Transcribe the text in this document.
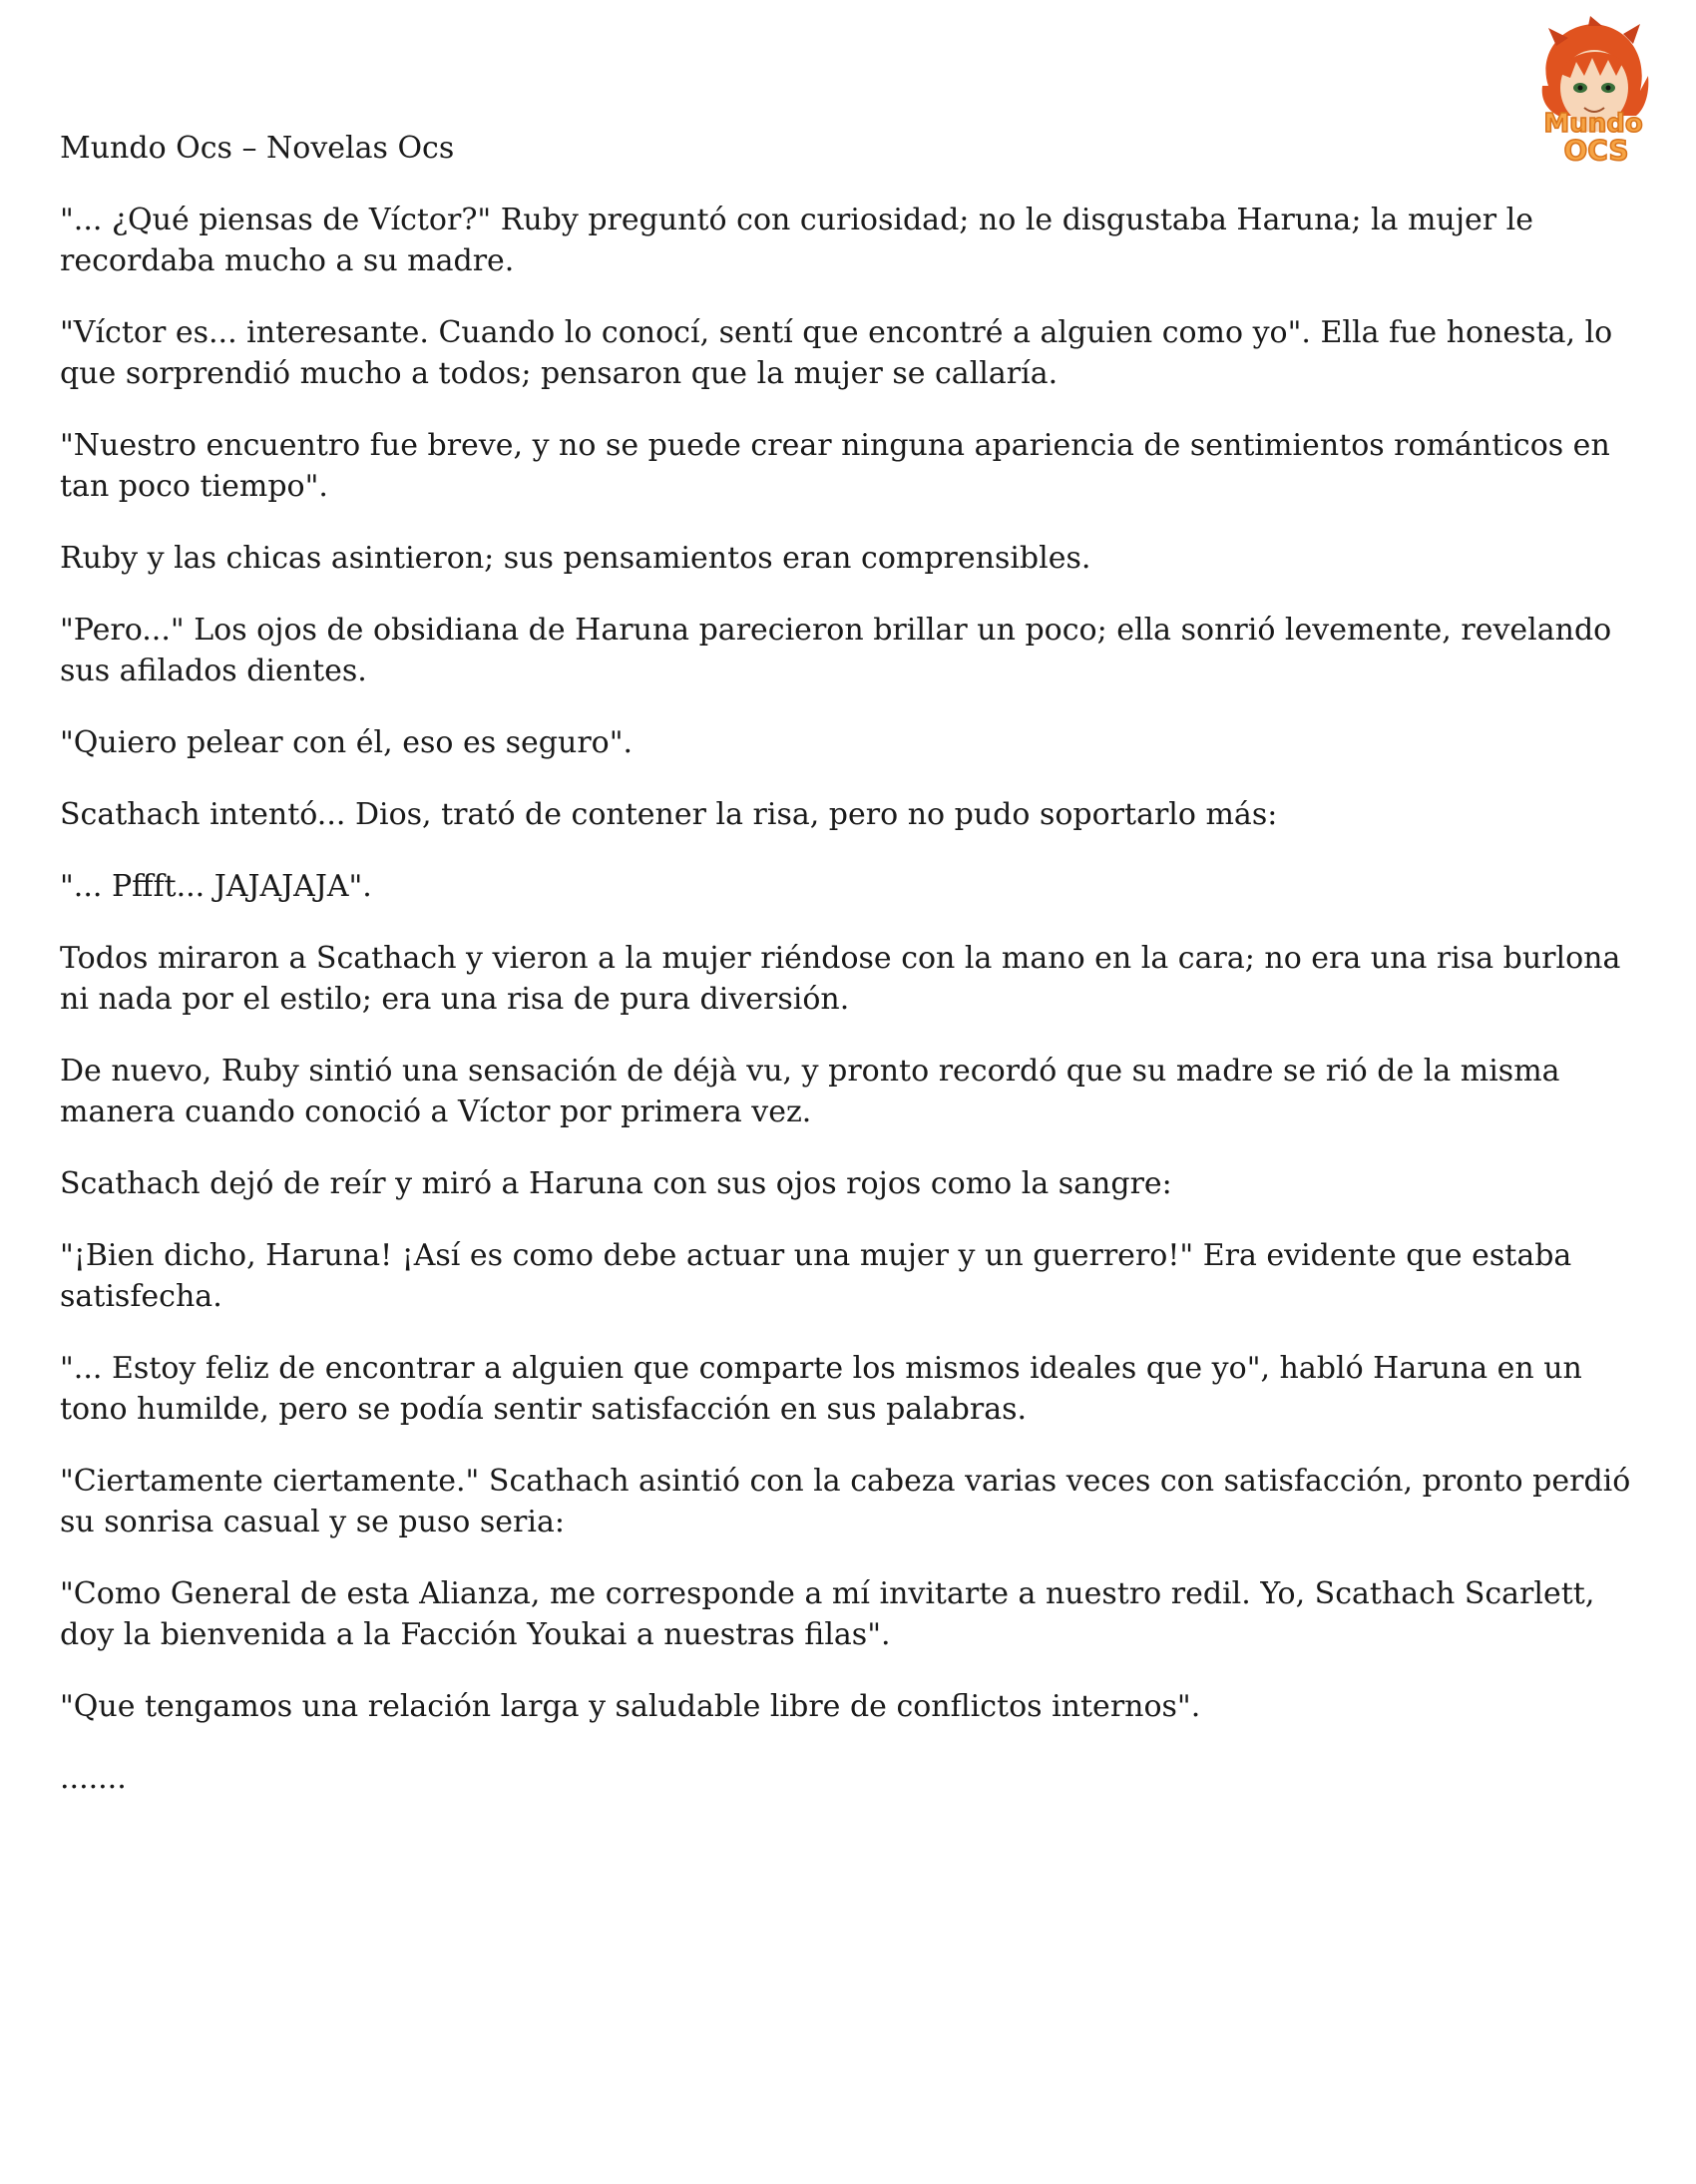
Mundo
OCS

Mundo Ocs – Novelas Ocs

"... ¿Qué piensas de Víctor?" Ruby preguntó con curiosidad; no le disgustaba Haruna; la mujer le recordaba mucho a su madre.

"Víctor es... interesante. Cuando lo conocí, sentí que encontré a alguien como yo". Ella fue honesta, lo que sorprendió mucho a todos; pensaron que la mujer se callaría.

"Nuestro encuentro fue breve, y no se puede crear ninguna apariencia de sentimientos románticos en tan poco tiempo".

Ruby y las chicas asintieron; sus pensamientos eran comprensibles.

"Pero..." Los ojos de obsidiana de Haruna parecieron brillar un poco; ella sonrió levemente, revelando sus afilados dientes.

"Quiero pelear con él, eso es seguro".

Scathach intentó... Dios, trató de contener la risa, pero no pudo soportarlo más:

"... Pffft... JAJAJAJA".

Todos miraron a Scathach y vieron a la mujer riéndose con la mano en la cara; no era una risa burlona ni nada por el estilo; era una risa de pura diversión.

De nuevo, Ruby sintió una sensación de déjà vu, y pronto recordó que su madre se rió de la misma manera cuando conoció a Víctor por primera vez.

Scathach dejó de reír y miró a Haruna con sus ojos rojos como la sangre:

"¡Bien dicho, Haruna! ¡Así es como debe actuar una mujer y un guerrero!" Era evidente que estaba satisfecha.

"... Estoy feliz de encontrar a alguien que comparte los mismos ideales que yo", habló Haruna en un tono humilde, pero se podía sentir satisfacción en sus palabras.

"Ciertamente ciertamente." Scathach asintió con la cabeza varias veces con satisfacción, pronto perdió su sonrisa casual y se puso seria:

"Como General de esta Alianza, me corresponde a mí invitarte a nuestro redil. Yo, Scathach Scarlett, doy la bienvenida a la Facción Youkai a nuestras filas".

"Que tengamos una relación larga y saludable libre de conflictos internos".

.......
